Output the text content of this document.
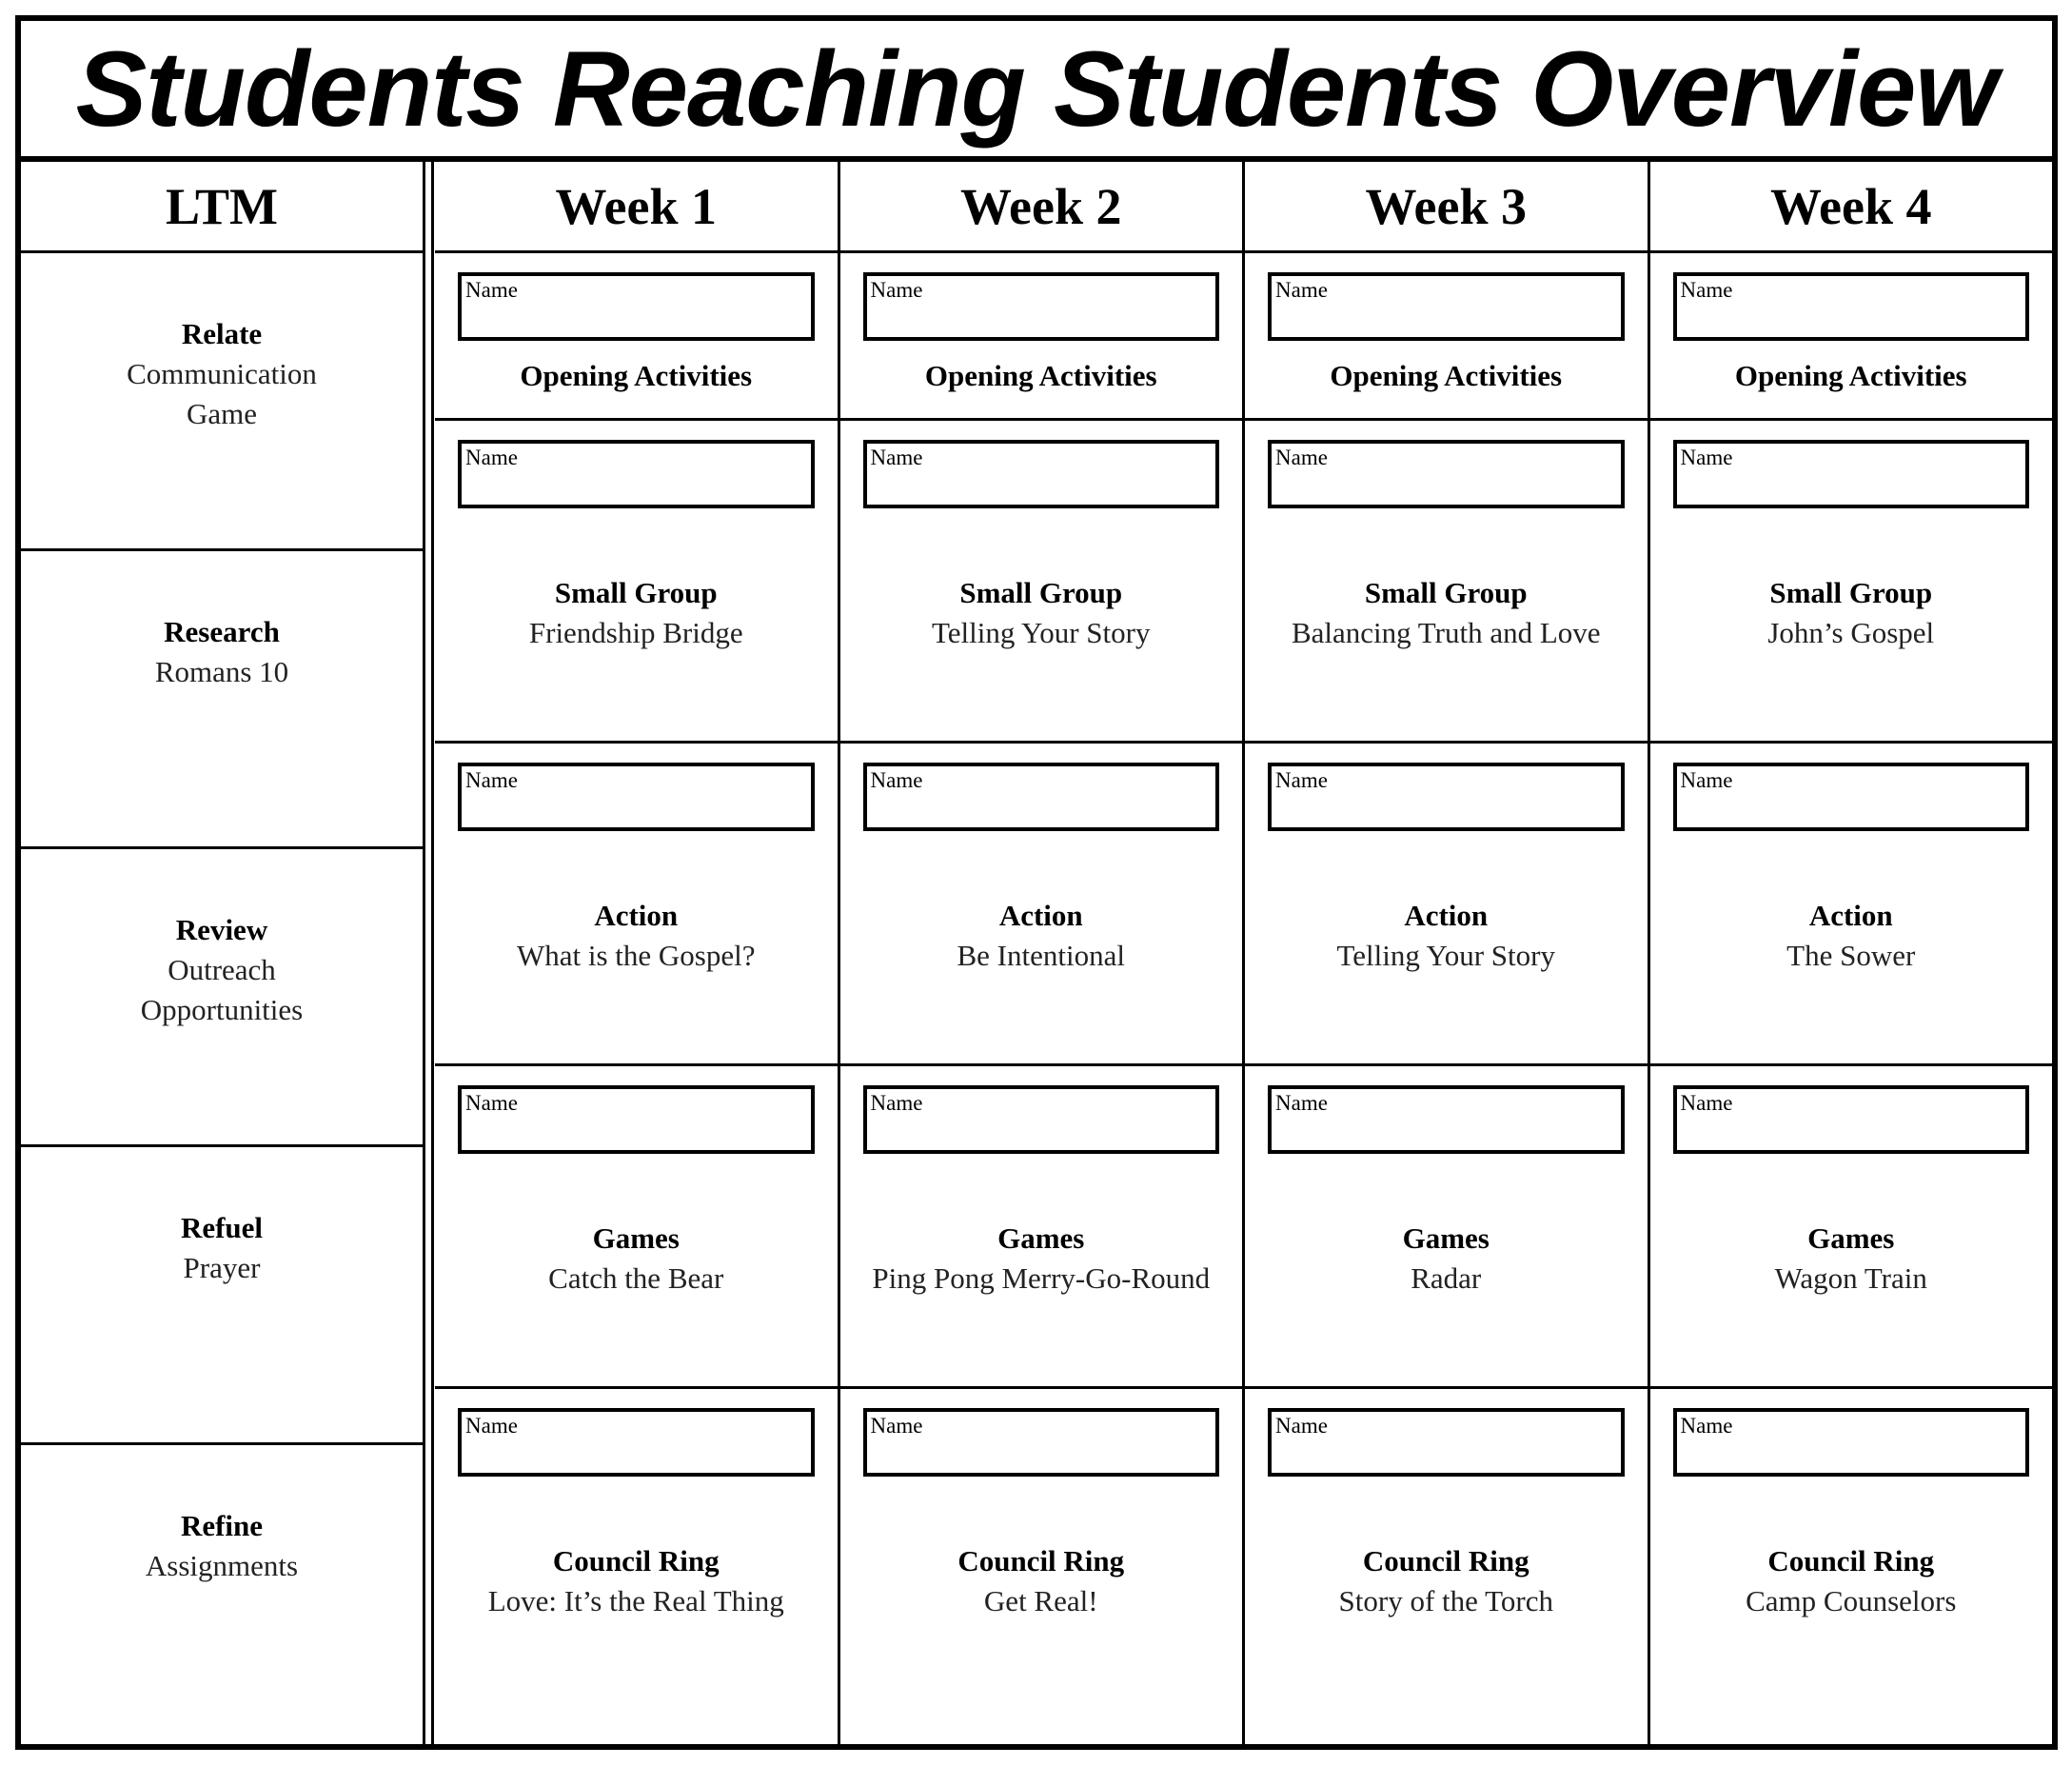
Students Reaching Students Overview
LTM
Relate
Communication Game
Research
Romans 10
Review
Outreach Opportunities
Refuel
Prayer
Refine
Assignments
Week 1
Name
Opening Activities
Name
Small Group
Friendship Bridge
Name
Action
What is the Gospel?
Name
Games
Catch the Bear
Name
Council Ring
Love: It’s the Real Thing
Week 2
Name
Opening Activities
Name
Small Group
Telling Your Story
Name
Action
Be Intentional
Name
Games
Ping Pong Merry-Go-Round
Name
Council Ring
Get Real!
Week 3
Name
Opening Activities
Name
Small Group
Balancing Truth and Love
Name
Action
Telling Your Story
Name
Games
Radar
Name
Council Ring
Story of the Torch
Week 4
Name
Opening Activities
Name
Small Group
John’s Gospel
Name
Action
The Sower
Name
Games
Wagon Train
Name
Council Ring
Camp Counselors
